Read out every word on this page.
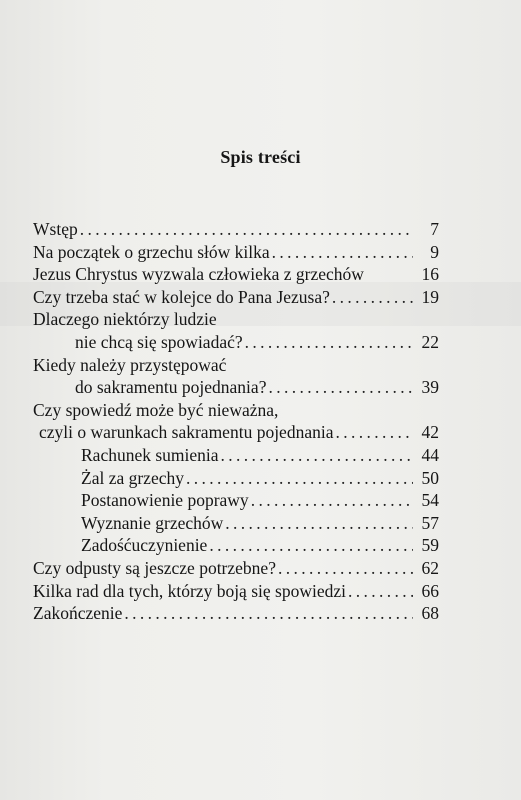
Spis treści
Wstęp . . .	7
Na początek o grzechu słów kilka . . .	9
Jezus Chrystus wyzwala człowieka z grzechów	16
Czy trzeba stać w kolejce do Pana Jezusa? . . .	19
Dlaczego niektórzy ludzie
nie chcą się spowiadać? . . .	22
Kiedy należy przystępować
do sakramentu pojednania? . . .	39
Czy spowiedź może być nieważna,
czyli o warunkach sakramentu pojednania . . .	42
Rachunek sumienia . . .	44
Żal za grzechy . . .	50
Postanowienie poprawy . . .	54
Wyznanie grzechów . . .	57
Zadośćuczynienie . . .	59
Czy odpusty są jeszcze potrzebne? . . .	62
Kilka rad dla tych, którzy boją się spowiedzi . . .	66
Zakończenie . . .	68
